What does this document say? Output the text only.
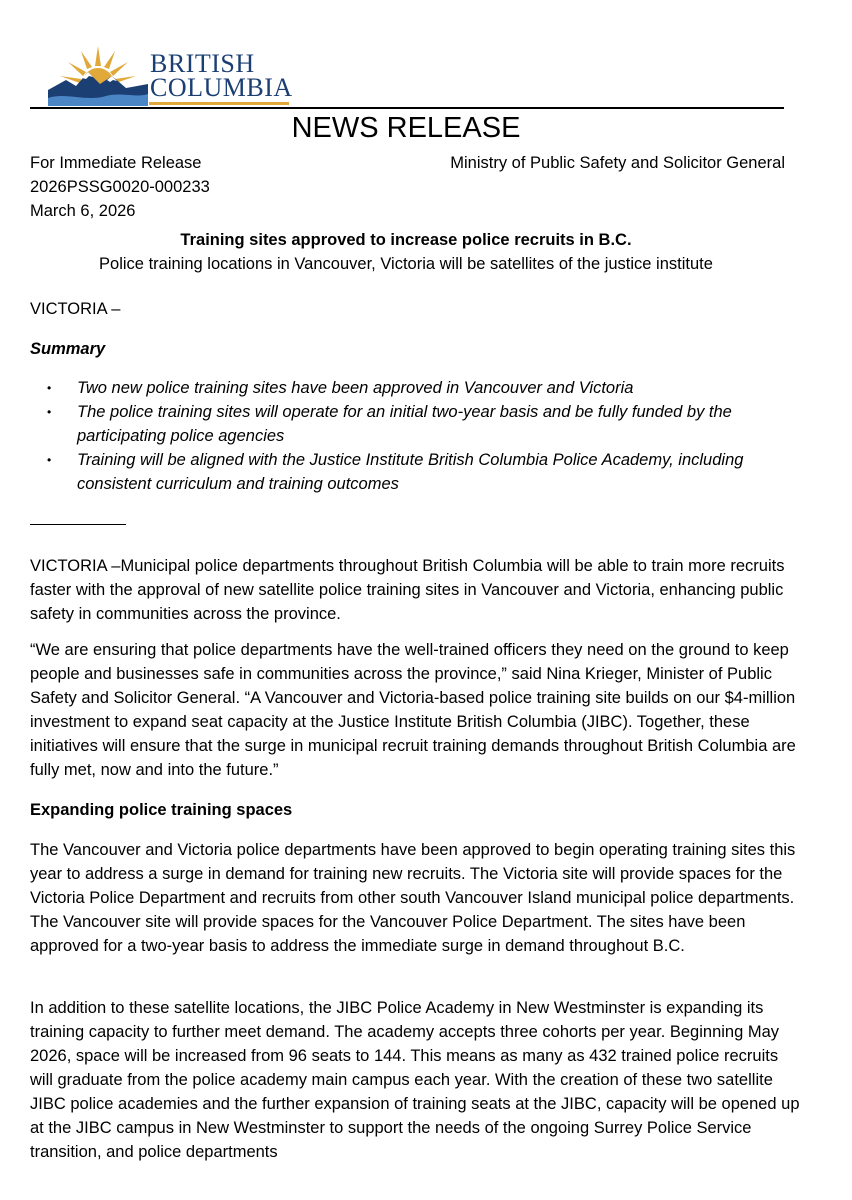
BRITISH
COLUMBIA
NEWS RELEASE
For Immediate Release
2026PSSG0020-000233
March 6, 2026
Ministry of Public Safety and Solicitor General
Training sites approved to increase police recruits in B.C.
Police training locations in Vancouver, Victoria will be satellites of the justice institute
VICTORIA –
Summary
• Two new police training sites have been approved in Vancouver and Victoria
• The police training sites will operate for an initial two-year basis and be fully funded by the participating police agencies
• Training will be aligned with the Justice Institute British Columbia Police Academy, including consistent curriculum and training outcomes
VICTORIA –Municipal police departments throughout British Columbia will be able to train more recruits faster with the approval of new satellite police training sites in Vancouver and Victoria, enhancing public safety in communities across the province.
“We are ensuring that police departments have the well-trained officers they need on the ground to keep people and businesses safe in communities across the province,” said Nina Krieger, Minister of Public Safety and Solicitor General. “A Vancouver and Victoria-based police training site builds on our $4-million investment to expand seat capacity at the Justice Institute British Columbia (JIBC). Together, these initiatives will ensure that the surge in municipal recruit training demands throughout British Columbia are fully met, now and into the future.”
Expanding police training spaces
The Vancouver and Victoria police departments have been approved to begin operating training sites this year to address a surge in demand for training new recruits. The Victoria site will provide spaces for the Victoria Police Department and recruits from other south Vancouver Island municipal police departments. The Vancouver site will provide spaces for the Vancouver Police Department. The sites have been approved for a two-year basis to address the immediate surge in demand throughout B.C.
In addition to these satellite locations, the JIBC Police Academy in New Westminster is expanding its training capacity to further meet demand. The academy accepts three cohorts per year. Beginning May 2026, space will be increased from 96 seats to 144. This means as many as 432 trained police recruits will graduate from the police academy main campus each year. With the creation of these two satellite JIBC police academies and the further expansion of training seats at the JIBC, capacity will be opened up at the JIBC campus in New Westminster to support the needs of the ongoing Surrey Police Service transition, and police departments
